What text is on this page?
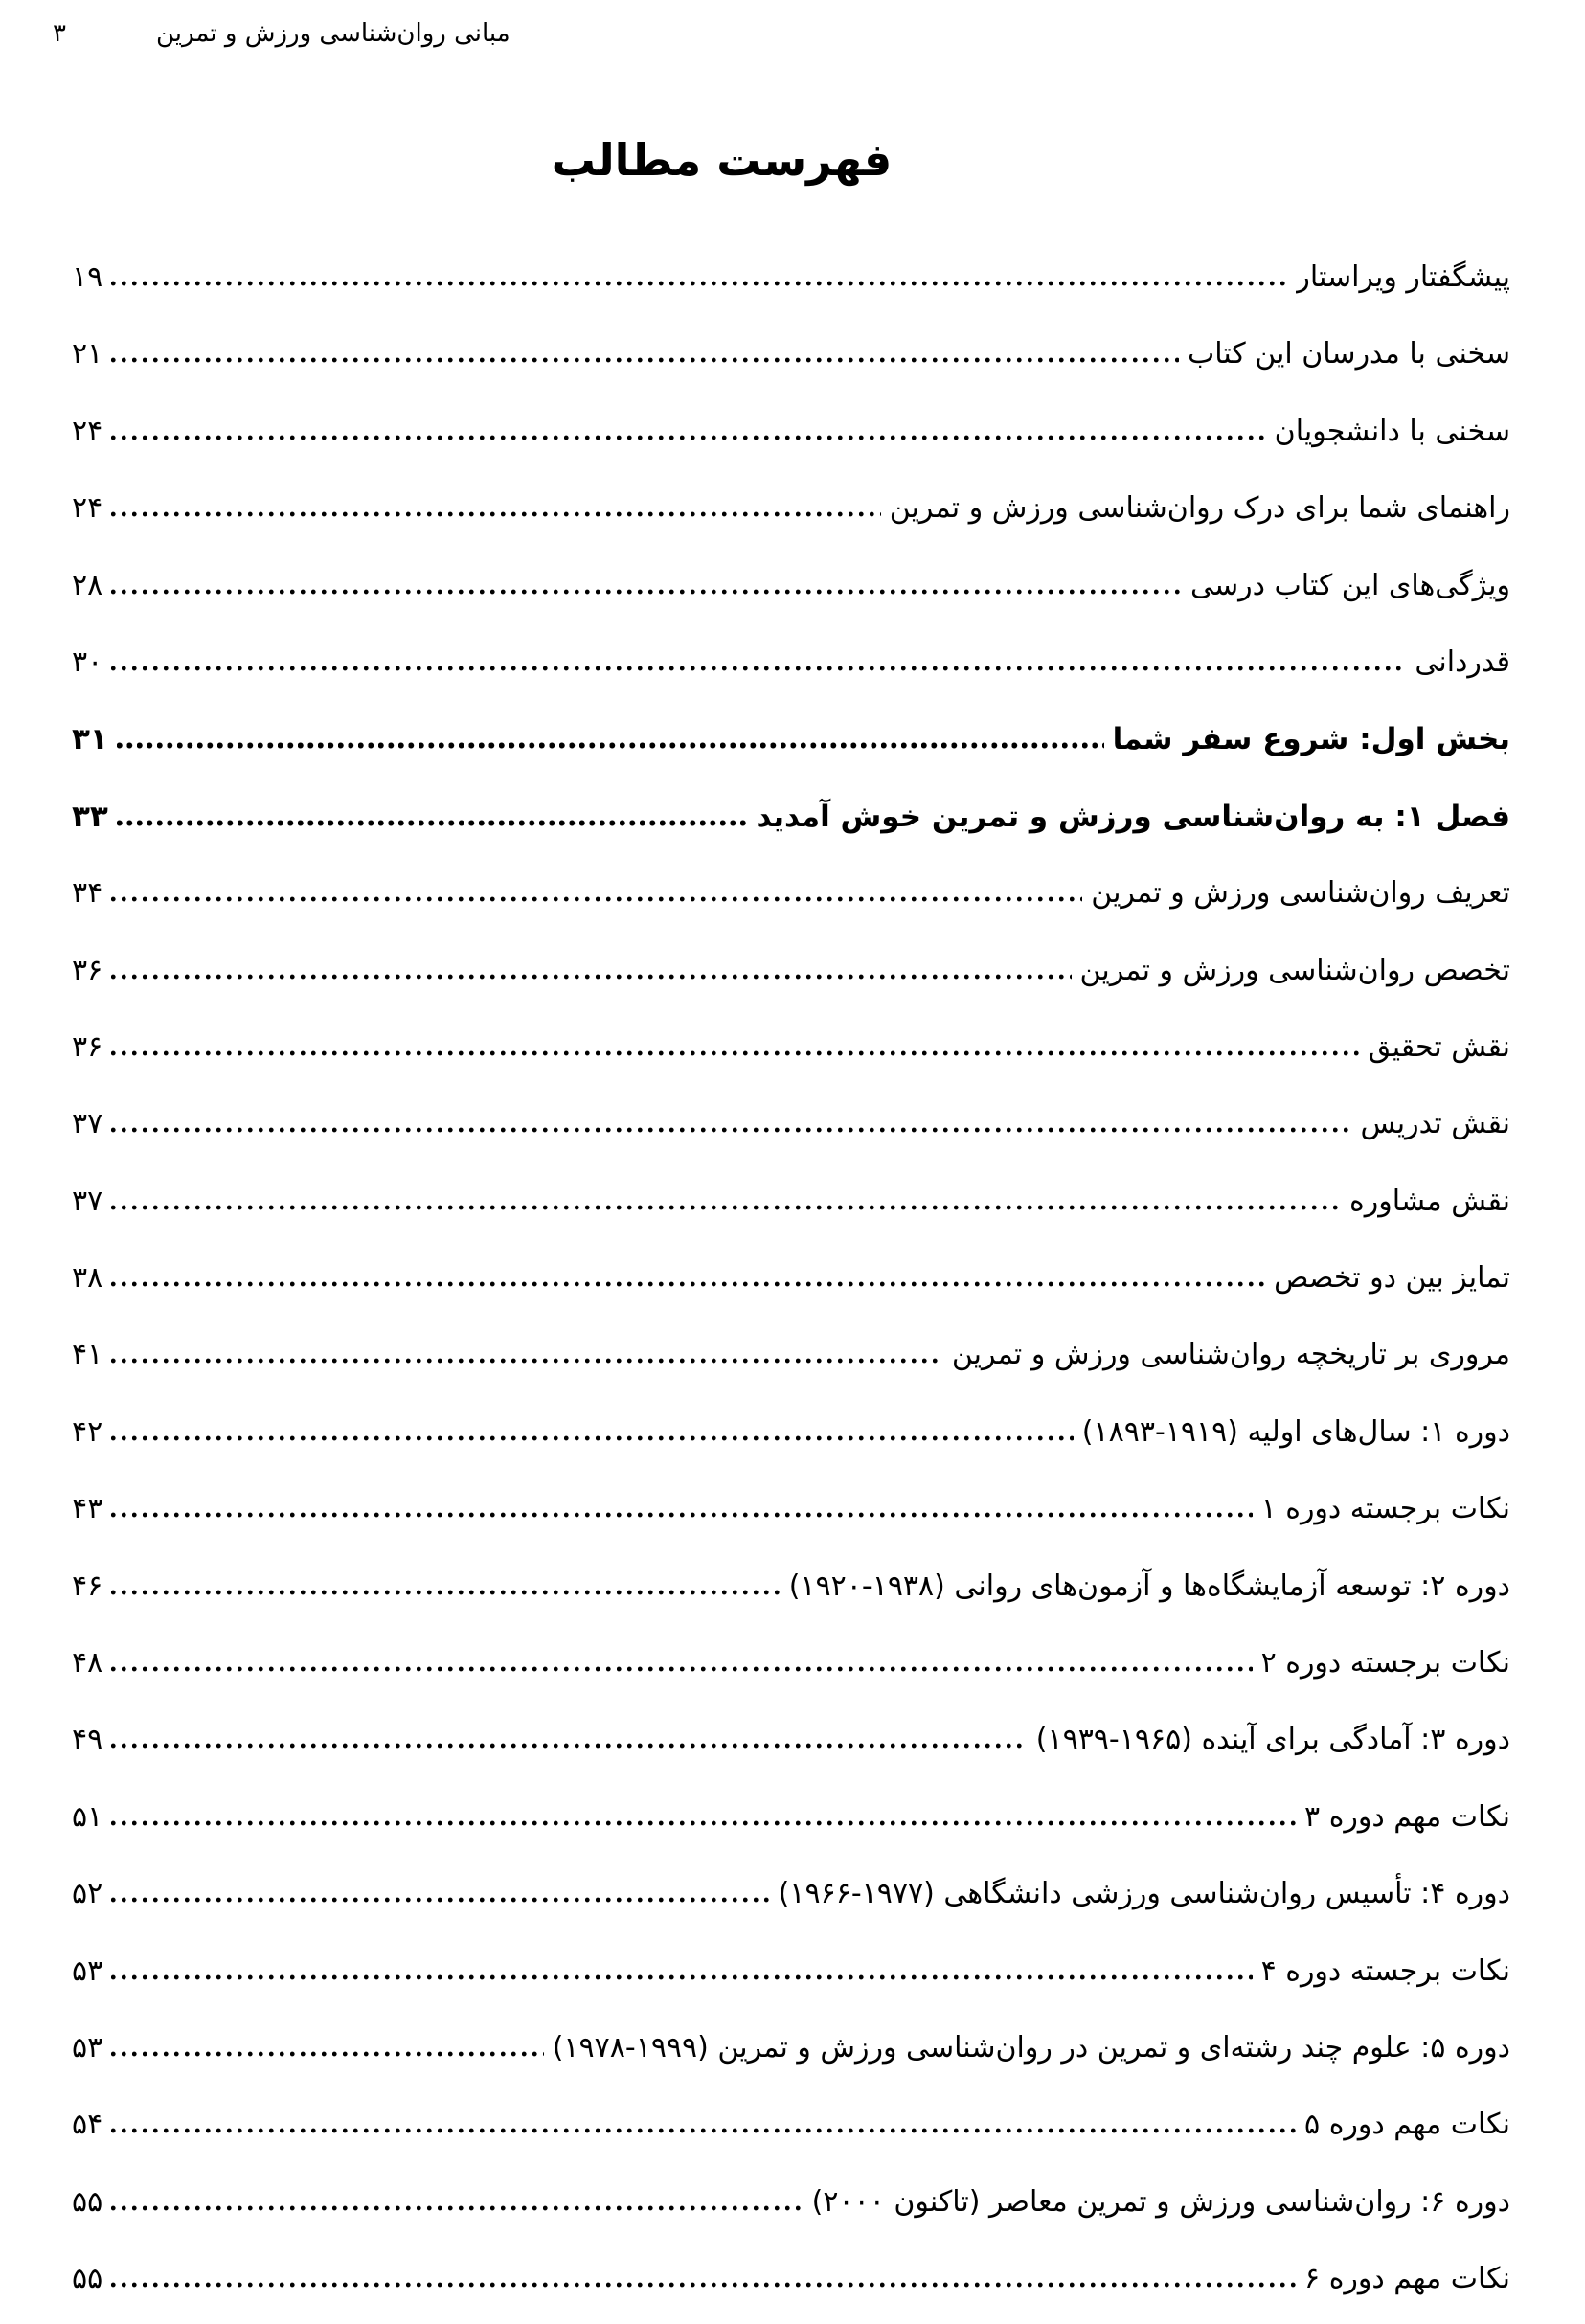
۳	مبانی روان‌شناسی ورزش و تمرین
فهرست مطالب
پیشگفتار ویراستار
۱۹
سخنی با مدرسان این کتاب
۲۱
سخنی با دانشجویان
۲۴
راهنمای شما برای درک روان‌شناسی ورزش و تمرین
۲۴
ویژگی‌های این کتاب درسی
۲۸
قدردانی
۳۰
بخش اول: شروع سفر شما
۳۱
فصل ۱: به روان‌شناسی ورزش و تمرین خوش آمدید
۳۳
تعریف روان‌شناسی ورزش و تمرین
۳۴
تخصص روان‌شناسی ورزش و تمرین
۳۶
نقش تحقیق
۳۶
نقش تدریس
۳۷
نقش مشاوره
۳۷
تمایز بین دو تخصص
۳۸
مروری بر تاریخچه روان‌شناسی ورزش و تمرین
۴۱
دوره ۱: سال‌های اولیه (۱۹۱۹-۱۸۹۳)
۴۲
نکات برجسته دوره ۱
۴۳
دوره ۲: توسعه آزمایشگاه‌ها و آزمون‌های روانی (۱۹۳۸-۱۹۲۰)
۴۶
نکات برجسته دوره ۲
۴۸
دوره ۳: آمادگی برای آینده (۱۹۶۵-۱۹۳۹)
۴۹
نکات مهم دوره ۳
۵۱
دوره ۴: تأسیس روان‌شناسی ورزشی دانشگاهی (۱۹۷۷-۱۹۶۶)
۵۲
نکات برجسته دوره ۴
۵۳
دوره ۵: علوم چند رشته‌ای و تمرین در روان‌شناسی ورزش و تمرین (۱۹۹۹-۱۹۷۸)
۵۳
نکات مهم دوره ۵
۵۴
دوره ۶: روان‌شناسی ورزش و تمرین معاصر (تاکنون ۲۰۰۰)
۵۵
نکات مهم دوره ۶
۵۵
